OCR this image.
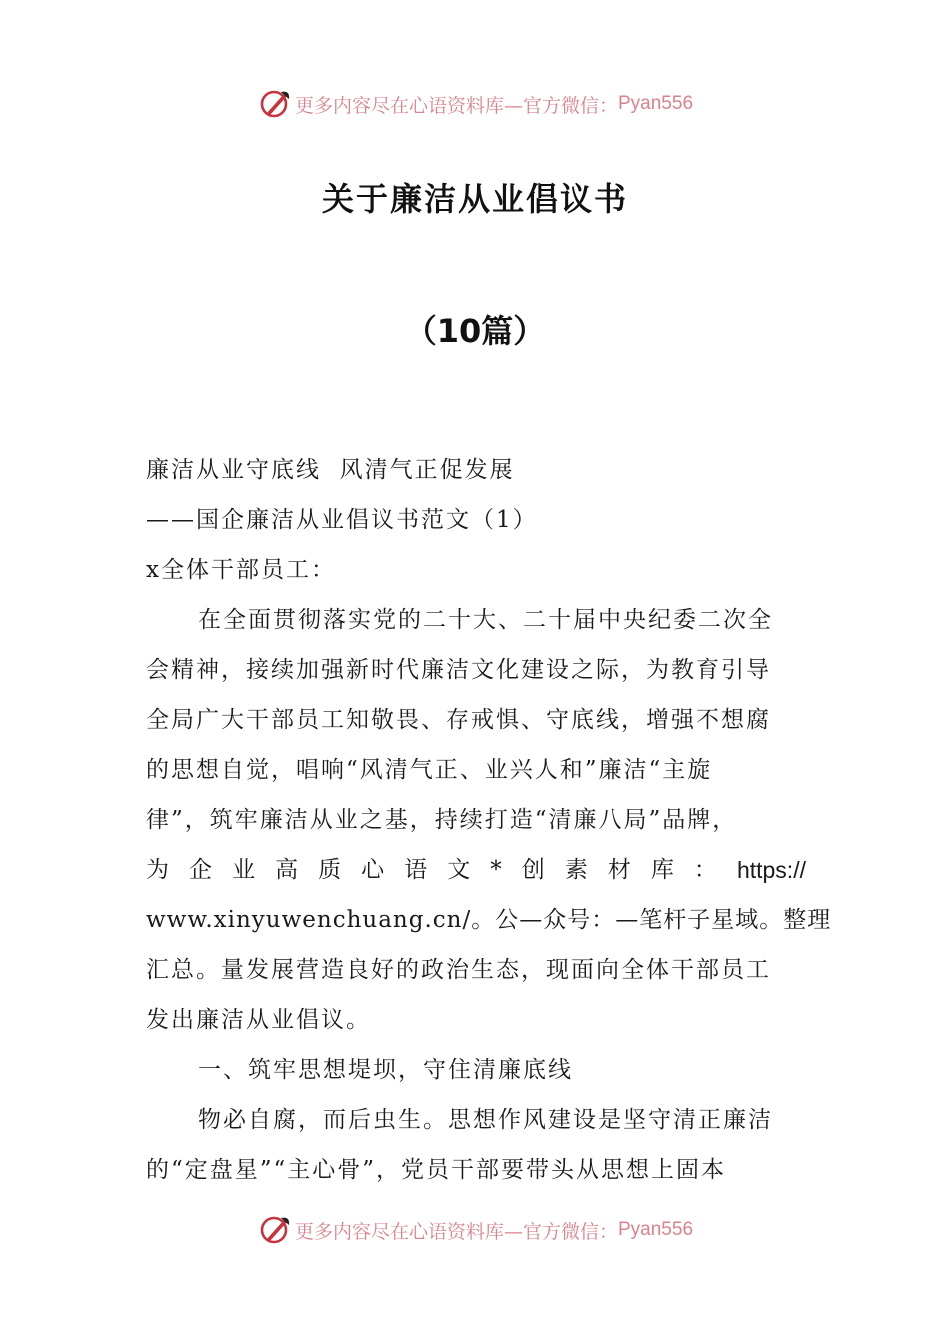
更多内容尽在心语资料库—官方微信： Pyan556
关于廉洁从业倡议书
（10篇）
廉洁从业守底线  风清气正促发展
——国企廉洁从业倡议书范文（1）
x全体干部员工：
在全面贯彻落实党的二十大、二十届中央纪委二次全
会精神，接续加强新时代廉洁文化建设之际，为教育引导
全局广大干部员工知敬畏、存戒惧、守底线，增强不想腐
的思想自觉，唱响“风清气正、业兴人和”廉洁“主旋
律”，筑牢廉洁从业之基，持续打造“清廉八局”品牌，
为 企 业 高 质 心 语 文 * 创 素 材 库 ： https://
www.xinyuwenchuang.cn/。公—众号：—笔杆子星域。整理
汇总。量发展营造良好的政治生态，现面向全体干部员工
发出廉洁从业倡议。
一、筑牢思想堤坝，守住清廉底线
物必自腐，而后虫生。思想作风建设是坚守清正廉洁
的“定盘星”“主心骨”，党员干部要带头从思想上固本
更多内容尽在心语资料库—官方微信： Pyan556
